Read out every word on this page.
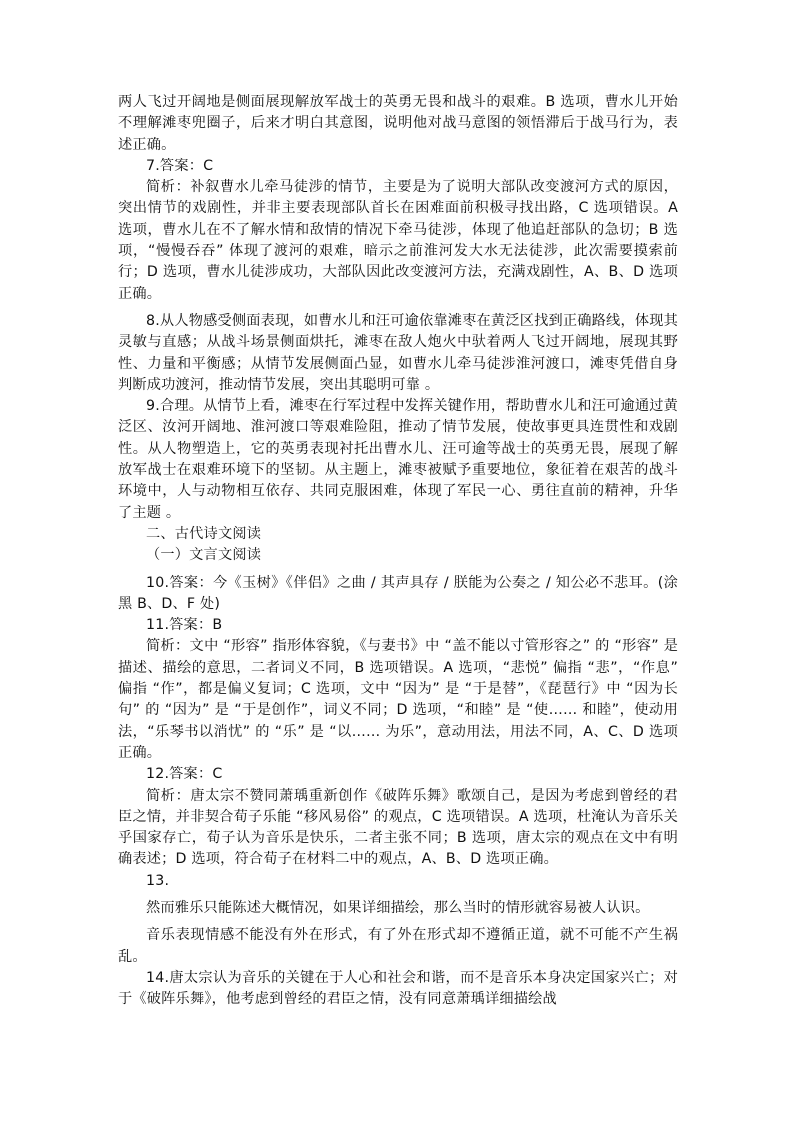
两人飞过开阔地是侧面展现解放军战士的英勇无畏和战斗的艰难。B 选项，曹水儿开始不理解滩枣兜圈子，后来才明白其意图，说明他对战马意图的领悟滞后于战马行为，表述正确。

7.答案：C

简析：补叙曹水儿牵马徒涉的情节，主要是为了说明大部队改变渡河方式的原因，突出情节的戏剧性，并非主要表现部队首长在困难面前积极寻找出路，C 选项错误。A 选项，曹水儿在不了解水情和敌情的情况下牵马徒涉，体现了他追赶部队的急切；B 选项，“慢慢吞吞” 体现了渡河的艰难，暗示之前淮河发大水无法徒涉，此次需要摸索前行；D 选项，曹水儿徒涉成功，大部队因此改变渡河方法，充满戏剧性，A、B、D 选项正确。

8.从人物感受侧面表现，如曹水儿和汪可逾依靠滩枣在黄泛区找到正确路线，体现其灵敏与直感；从战斗场景侧面烘托，滩枣在敌人炮火中驮着两人飞过开阔地，展现其野性、力量和平衡感；从情节发展侧面凸显，如曹水儿牵马徒涉淮河渡口，滩枣凭借自身判断成功渡河，推动情节发展，突出其聪明可靠 。

9.合理。从情节上看，滩枣在行军过程中发挥关键作用，帮助曹水儿和汪可逾通过黄泛区、汝河开阔地、淮河渡口等艰难险阻，推动了情节发展，使故事更具连贯性和戏剧性。从人物塑造上，它的英勇表现衬托出曹水儿、汪可逾等战士的英勇无畏，展现了解放军战士在艰难环境下的坚韧。从主题上，滩枣被赋予重要地位，象征着在艰苦的战斗环境中，人与动物相互依存、共同克服困难，体现了军民一心、勇往直前的精神，升华了主题 。

二、古代诗文阅读

（一）文言文阅读

10.答案：今《玉树》《伴侣》之曲 / 其声具存 / 朕能为公奏之 / 知公必不悲耳。(涂黑 B、D、F 处)

11.答案：B

简析：文中 “形容” 指形体容貌，《与妻书》中 “盖不能以寸管形容之” 的 “形容” 是描述、描绘的意思，二者词义不同，B 选项错误。A 选项，“悲悦” 偏指 “悲”，“作息” 偏指 “作”，都是偏义复词；C 选项，文中 “因为” 是 “于是替”，《琵琶行》中 “因为长句” 的 “因为” 是 “于是创作”，词义不同；D 选项，“和睦” 是 “使…… 和睦”，使动用法，“乐琴书以消忧” 的 “乐” 是 “以…… 为乐”，意动用法，用法不同，A、C、D 选项正确。

12.答案：C

简析：唐太宗不赞同萧瑀重新创作《破阵乐舞》歌颂自己，是因为考虑到曾经的君臣之情，并非契合荀子乐能 “移风易俗” 的观点，C 选项错误。A 选项，杜淹认为音乐关乎国家存亡，荀子认为音乐是快乐，二者主张不同；B 选项，唐太宗的观点在文中有明确表述；D 选项，符合荀子在材料二中的观点，A、B、D 选项正确。

13.

然而雅乐只能陈述大概情况，如果详细描绘，那么当时的情形就容易被人认识。

音乐表现情感不能没有外在形式，有了外在形式却不遵循正道，就不可能不产生祸乱。

14.唐太宗认为音乐的关键在于人心和社会和谐，而不是音乐本身决定国家兴亡；对于《破阵乐舞》，他考虑到曾经的君臣之情，没有同意萧瑀详细描绘战
